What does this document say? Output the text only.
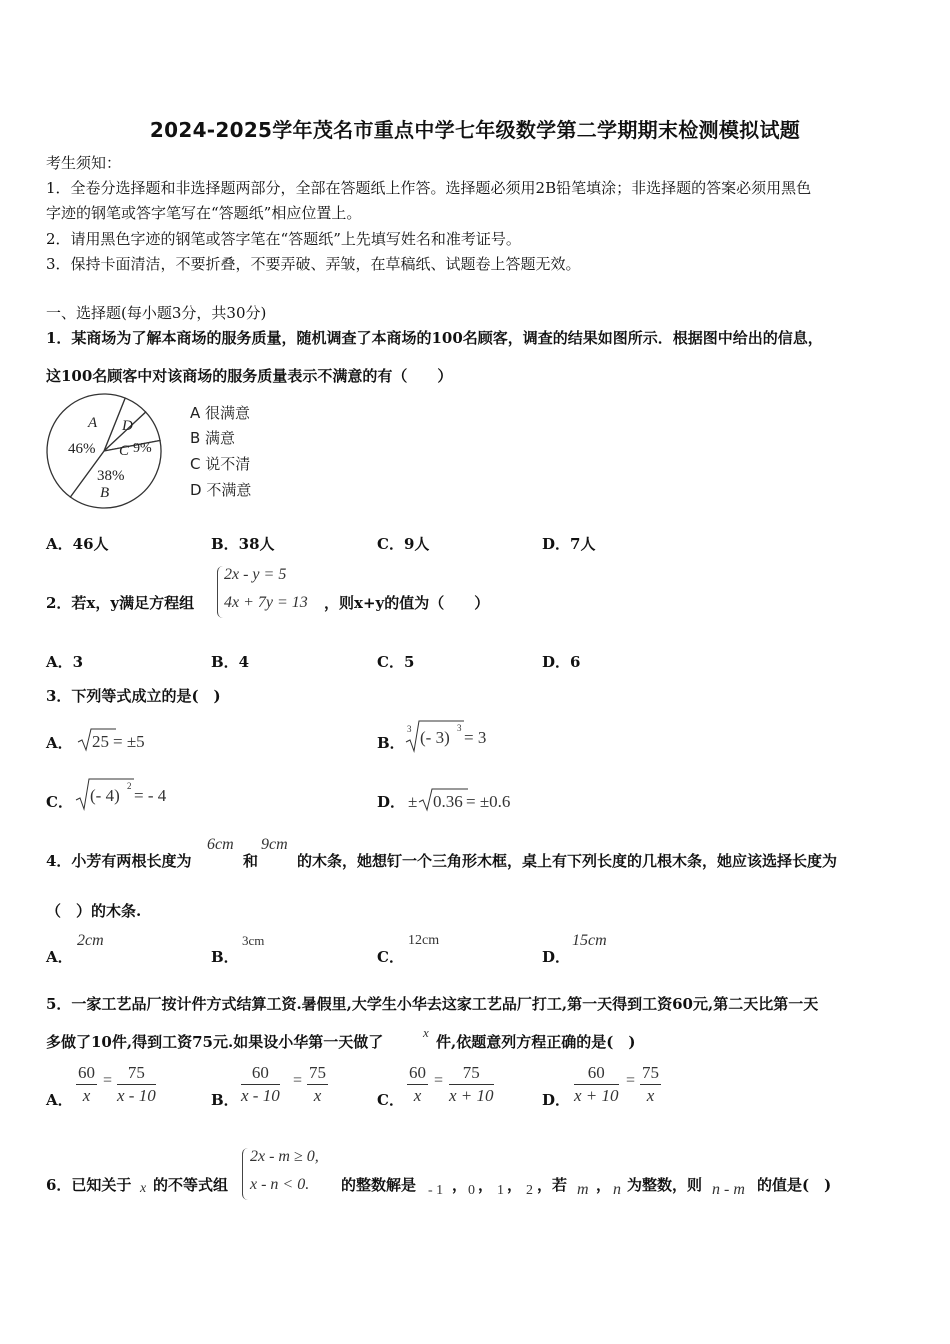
2024-2025学年茂名市重点中学七年级数学第二学期期末检测模拟试题
考生须知：
1．全卷分选择题和非选择题两部分，全部在答题纸上作答。选择题必须用2B铅笔填涂；非选择题的答案必须用黑色
字迹的钢笔或答字笔写在“答题纸”相应位置上。
2．请用黑色字迹的钢笔或答字笔在“答题纸”上先填写姓名和准考证号。
3．保持卡面清洁，不要折叠，不要弄破、弄皱，在草稿纸、试题卷上答题无效。
一、选择题(每小题3分，共30分)
1．某商场为了解本商场的服务质量，随机调查了本商场的100名顾客，调查的结果如图所示．根据图中给出的信息，
这100名顾客中对该商场的服务质量表示不满意的有（　　）
A
46%
D
C 9%
38%
B
A 很满意
B 满意
C 说不清
D 不满意
A．46人	B．38人	C．9人	D．7人
2．若x，y满足方程组
2x - y = 5
4x + 7y = 13 ，则x+y的值为（　　）
A．3	B．4	C．5	D．6
3．下列等式成立的是(　)
A． 25 = ±5	B．
3 (- 3) 3 = 3
C． (- 4) 2 = - 4	D． ± 0.36 = ±0.6
4．小芳有两根长度为
6cm
和
9cm
的木条，她想钉一个三角形木框，桌上有下列长度的几根木条，她应该选择长度为
（　）的木条.
A．
2cm
B．
3cm
C．
12cm
D．
15cm
5．一家工艺品厂按计件方式结算工资.暑假里,大学生小华去这家工艺品厂打工,第一天得到工资60元,第二天比第一天
多做了10件,得到工资75元.如果设小华第一天做了
x
件,依题意列方程正确的是(　)
A． $\frac{60}{x} = \frac{75}{x - 10}$	B． $\frac{60}{x - 10} = \frac{75}{x}$	C． $\frac{60}{x} = \frac{75}{x + 10}$	D． $\frac{60}{x + 10} = \frac{75}{x}$
6．已知关于 x 的不等式组
2x - m ≥ 0,
x - n < 0. 的整数解是 - 1 ， 0 ， 1 ， 2 ，若 m ， n 为整数，则 n - m 的值是(　)
